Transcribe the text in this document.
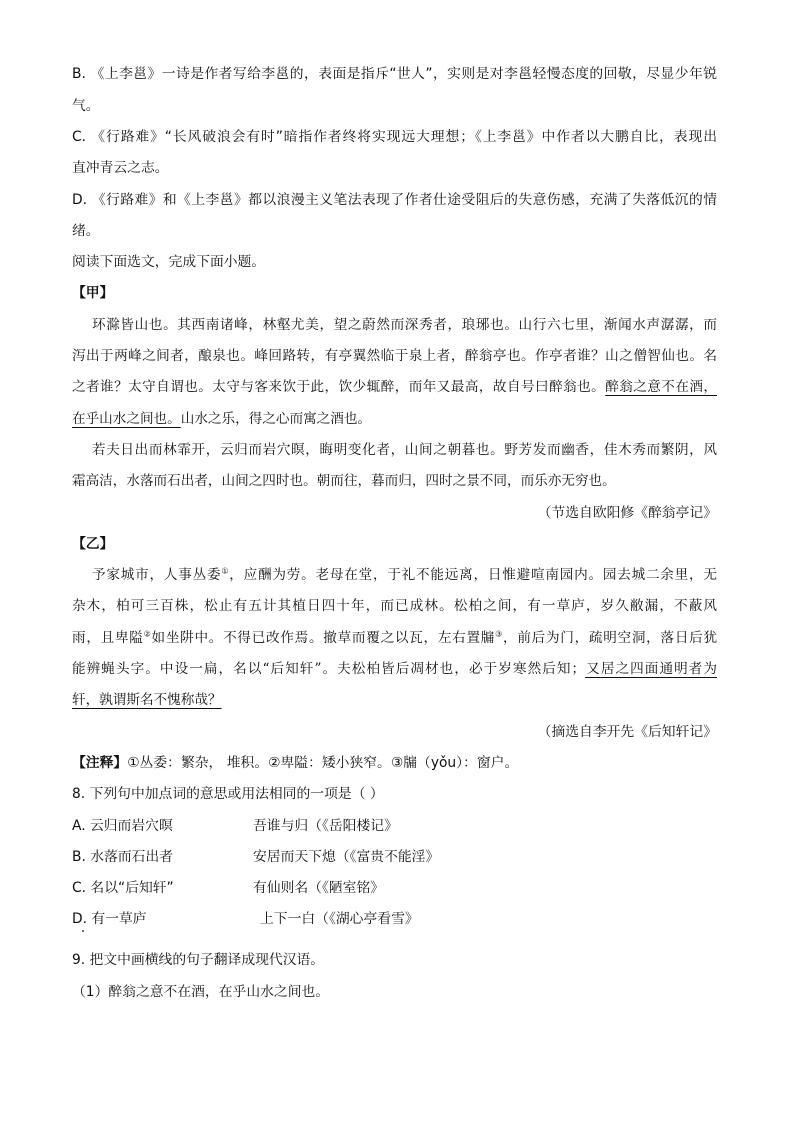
B. 《上李邕》一诗是作者写给李邕的，表面是指斥“世人”，实则是对李邕轻慢态度的回敬，尽显少年锐
气。
C. 《行路难》“长风破浪会有时”暗指作者终将实现远大理想；《上李邕》中作者以大鹏自比，表现出
直冲青云之志。
D. 《行路难》和《上李邕》都以浪漫主义笔法表现了作者仕途受阻后的失意伤感，充满了失落低沉的情
绪。
阅读下面选文，完成下面小题。
【甲】
环滁皆山也。其西南诸峰，林壑尤美，望之蔚然而深秀者，琅琊也。山行六七里，渐闻水声潺潺，而
泻出于两峰之间者，酿泉也。峰回路转，有亭翼然临于泉上者，醉翁亭也。作亭者谁？山之僧智仙也。名
之者谁？太守自谓也。太守与客来饮于此，饮少辄醉，而年又最高，故自号曰醉翁也。醉翁之意不在酒，
在乎山水之间也。山水之乐，得之心而寓之酒也。
若夫日出而林霏开，云归而岩穴暝，晦明变化者，山间之朝暮也。野芳发而幽香，佳木秀而繁阴，风
霜高洁，水落而石出者，山间之四时也。朝而往，暮而归，四时之景不同，而乐亦无穷也。
（节选自欧阳修《醉翁亭记》
【乙】
予家城市，人事丛委①，应酬为劳。老母在堂，于礼不能远离，日惟避喧南园内。园去城二余里，无
杂木，柏可三百株，松止有五计其植日四十年，而已成林。松柏之间，有一草庐，岁久敝漏，不蔽风
雨，且卑隘②如坐阱中。不得已改作焉。撤草而覆之以瓦，左右置牖③，前后为门，疏明空洞，落日后犹
能辨蝇头字。中设一扁，名以“后知轩”。夫松柏皆后凋材也，必于岁寒然后知；又居之四面通明者为
轩，孰谓斯名不愧称哉？
（摘选自李开先《后知轩记》
【注释】①丛委：繁杂， 堆积。②卑隘：矮小狭窄。③牖（yǒu）：窗户。
8. 下列句中加点词的意思或用法相同的一项是（ ）
A. 云归而岩穴暝	吾谁与归（《岳阳楼记》
B. 水落而石出者	安居而天下熄（《富贵不能淫》
C. 名以“后知轩”	有仙则名（《陋室铭》
D. 有一草庐	上下一白（《湖心亭看雪》
9. 把文中画横线的句子翻译成现代汉语。
（1）醉翁之意不在酒，在乎山水之间也。
